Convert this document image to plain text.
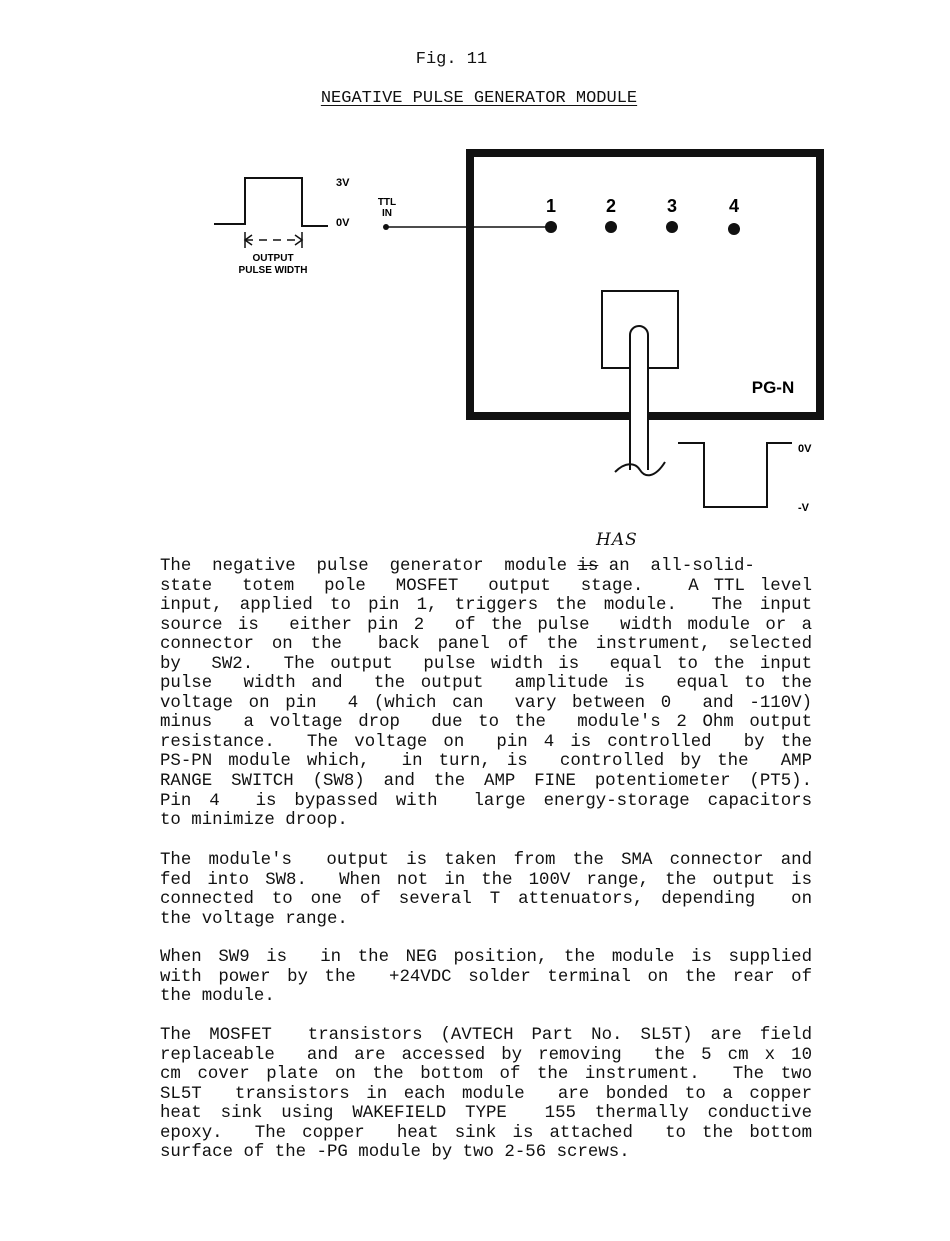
Fig. 11
NEGATIVE PULSE GENERATOR MODULE
3V
0V
OUTPUT
PULSE WIDTH
TTL
IN	1	2	3	4
PG-N
0V
-V
HAS
The  negative  pulse  generator  module is an  all-solid-
state  totem  pole  MOSFET  output  stage.   A TTL level
input, applied to pin 1, triggers the module.  The input
source is  either pin 2  of the pulse  width module or a
connector on the  back panel of the instrument, selected
by  SW2.  The output  pulse width is  equal to the input
pulse  width and  the output  amplitude is  equal to the
voltage on pin  4 (which can  vary between 0  and -110V)
minus  a voltage drop  due to the  module's 2 Ohm output
resistance.  The voltage on  pin 4 is controlled  by the
PS-PN module which,  in turn, is  controlled by the  AMP
RANGE SWITCH (SW8) and the AMP FINE potentiometer (PT5).
Pin 4  is bypassed with  large energy-storage capacitors
to minimize droop.
The module's  output is taken from the SMA connector and
fed into SW8.  When not in the 100V range, the output is
connected to one of several T attenuators, depending  on
the voltage range.
When SW9 is  in the NEG position, the module is supplied
with power by the  +24VDC solder terminal on the rear of
the module.
The MOSFET  transistors (AVTECH Part No. SL5T) are field
replaceable  and are accessed by removing  the 5 cm x 10
cm cover plate on the bottom of the instrument.  The two
SL5T  transistors in each module  are bonded to a copper
heat sink using WAKEFIELD TYPE  155 thermally conductive
epoxy.  The copper  heat sink is attached  to the bottom
surface of the -PG module by two 2-56 screws.
